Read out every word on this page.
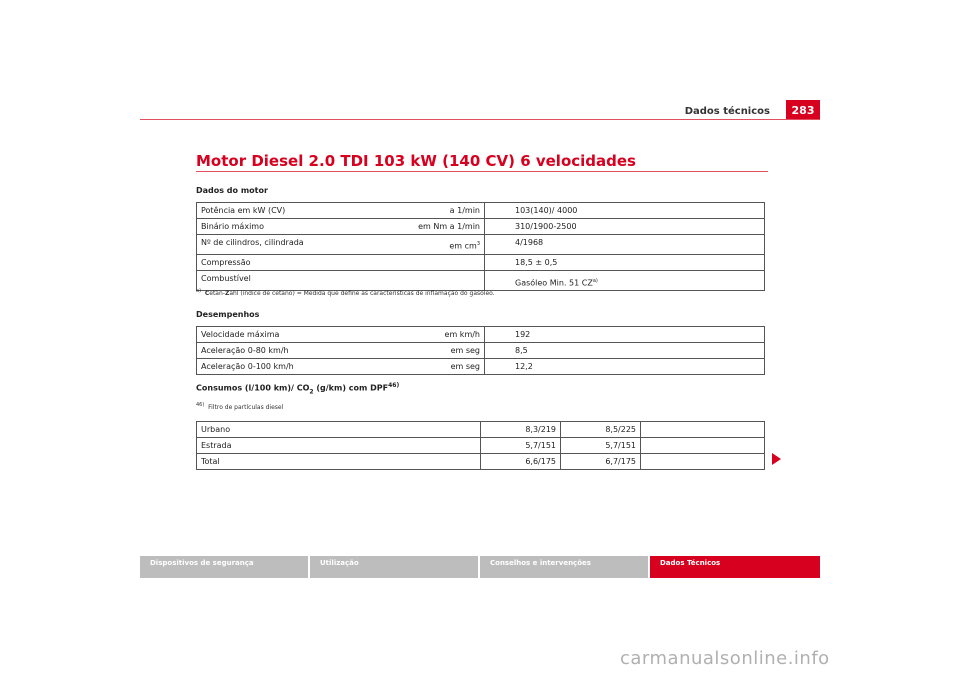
Dados técnicos	283
Motor Diesel 2.0 TDI 103 kW (140 CV) 6 velocidades

Dados do motor

Potência em kW (CV) a 1/min	103(140)/ 4000
Binário máximo em Nm a 1/min	310/1900-2500
Nº de cilindros, cilindrada em $cm^3$	4/1968
Compressão	18,5 ± 0,5
Combustível	Gasóleo Min. 51 CZ$^{a)}$
$^{a)}$ Cetan-Zahl (índice de cetano) = Medida que define as características de inflamação do gasóleo.

Desempenhos

Velocidade máxima em km/h	192
Aceleração 0-80 km/h em seg	8,5
Aceleração 0-100 km/h em seg	12,2

Consumos (l/100 km)/ $CO_2$ (g/km) com DPF$^{46)}$

$^{46)}$ Filtro de partículas diesel
Urbano	8,3/219	8,5/225	
Estrada	5,7/151	5,7/151	
Total	6,6/175	6,7/175	
Dispositivos de segurança	Utilização	Conselhos e intervenções	Dados Técnicos
carmanualsonline.info
